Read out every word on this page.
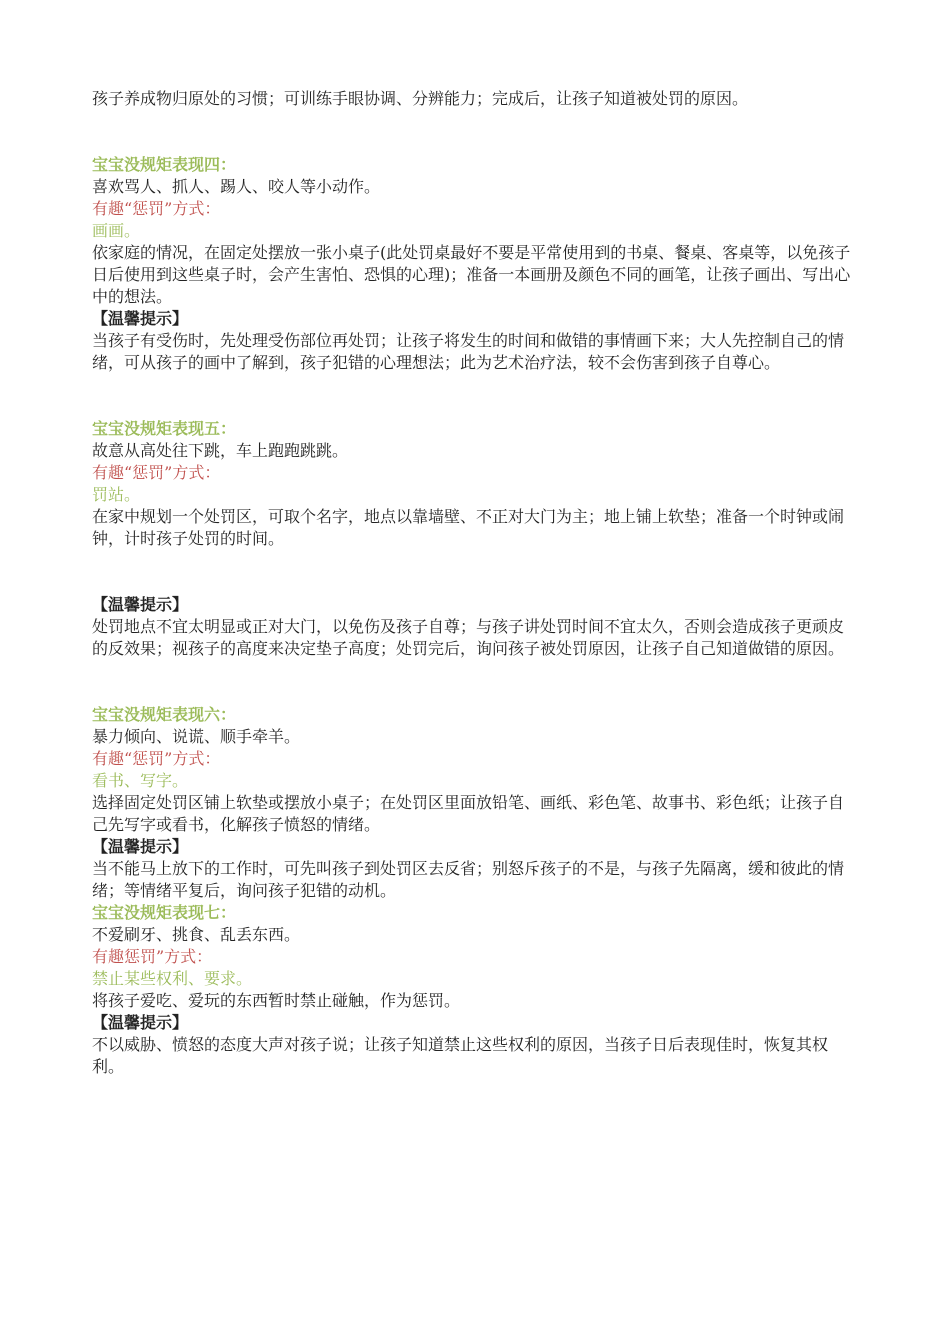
孩子养成物归原处的习惯；可训练手眼协调、分辨能力；完成后，让孩子知道被处罚的原因。

宝宝没规矩表现四：

喜欢骂人、抓人、踢人、咬人等小动作。

有趣“惩罚”方式：

画画。

依家庭的情况，在固定处摆放一张小桌子(此处罚桌最好不要是平常使用到的书桌、餐桌、客桌等，以免孩子日后使用到这些桌子时，会产生害怕、恐惧的心理)；准备一本画册及颜色不同的画笔，让孩子画出、写出心中的想法。

【温馨提示】

当孩子有受伤时，先处理受伤部位再处罚；让孩子将发生的时间和做错的事情画下来；大人先控制自己的情绪，可从孩子的画中了解到，孩子犯错的心理想法；此为艺术治疗法，较不会伤害到孩子自尊心。

宝宝没规矩表现五：

故意从高处往下跳，车上跑跑跳跳。

有趣“惩罚”方式：

罚站。

在家中规划一个处罚区，可取个名字，地点以靠墙壁、不正对大门为主；地上铺上软垫；准备一个时钟或闹钟，计时孩子处罚的时间。

【温馨提示】

处罚地点不宜太明显或正对大门，以免伤及孩子自尊；与孩子讲处罚时间不宜太久，否则会造成孩子更顽皮的反效果；视孩子的高度来决定垫子高度；处罚完后，询问孩子被处罚原因，让孩子自己知道做错的原因。

宝宝没规矩表现六：

暴力倾向、说谎、顺手牵羊。

有趣“惩罚”方式：

看书、写字。

选择固定处罚区铺上软垫或摆放小桌子；在处罚区里面放铅笔、画纸、彩色笔、故事书、彩色纸；让孩子自己先写字或看书，化解孩子愤怒的情绪。

【温馨提示】

当不能马上放下的工作时，可先叫孩子到处罚区去反省；别怒斥孩子的不是，与孩子先隔离，缓和彼此的情绪；等情绪平复后，询问孩子犯错的动机。

宝宝没规矩表现七：

不爱刷牙、挑食、乱丢东西。

有趣惩罚”方式：

禁止某些权利、要求。

将孩子爱吃、爱玩的东西暂时禁止碰触，作为惩罚。

【温馨提示】

不以威胁、愤怒的态度大声对孩子说；让孩子知道禁止这些权利的原因，当孩子日后表现佳时，恢复其权利。
